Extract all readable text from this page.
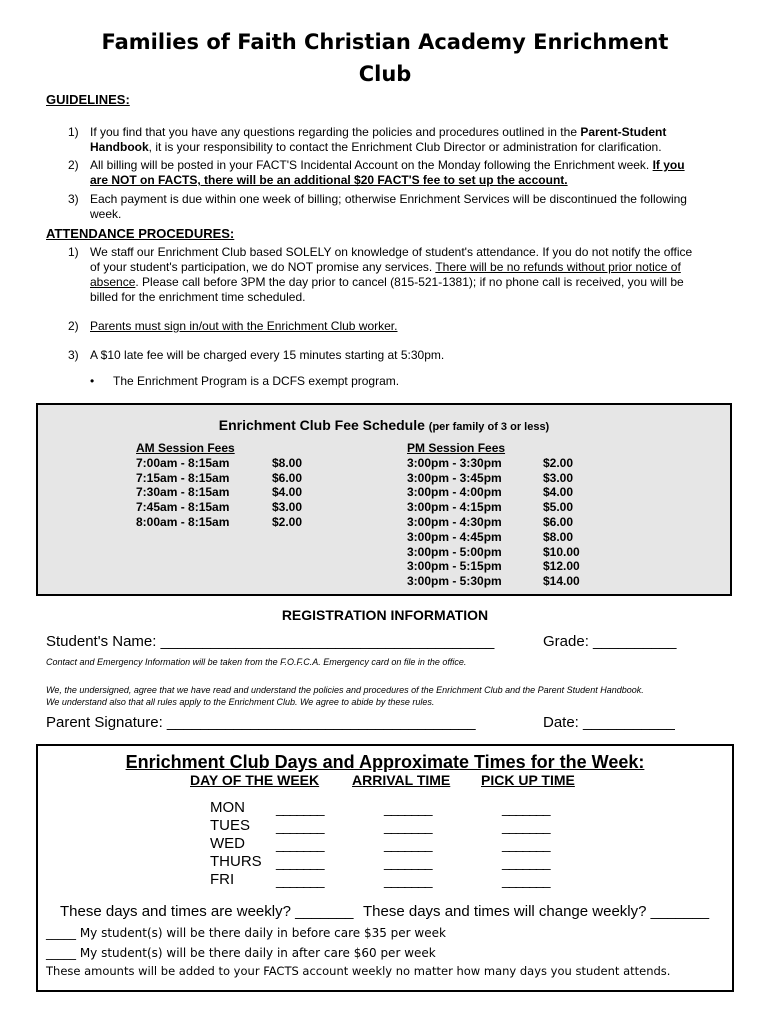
Families of Faith Christian Academy Enrichment
Club
GUIDELINES:
1) If you find that you have any questions regarding the policies and procedures outlined in the Parent-Student
Handbook, it is your responsibility to contact the Enrichment Club Director or administration for clarification.
2) All billing will be posted in your FACT'S Incidental Account on the Monday following the Enrichment week. If you
are NOT on FACTS, there will be an additional $20 FACT'S fee to set up the account.
3) Each payment is due within one week of billing; otherwise Enrichment Services will be discontinued the following
week.
ATTENDANCE PROCEDURES:
1) We staff our Enrichment Club based SOLELY on knowledge of student's attendance. If you do not notify the office
of your student's participation, we do NOT promise any services. There will be no refunds without prior notice of
absence. Please call before 3PM the day prior to cancel (815-521-1381); if no phone call is received, you will be
billed for the enrichment time scheduled.
2) Parents must sign in/out with the Enrichment Club worker.
3) A $10 late fee will be charged every 15 minutes starting at 5:30pm.
• The Enrichment Program is a DCFS exempt program.
Enrichment Club Fee Schedule (per family of 3 or less)
AM Session Fees
7:00am - 8:15am	$8.00
7:15am - 8:15am	$6.00
7:30am - 8:15am	$4.00
7:45am - 8:15am	$3.00
8:00am - 8:15am	$2.00
PM Session Fees
3:00pm - 3:30pm	$2.00
3:00pm - 3:45pm	$3.00
3:00pm - 4:00pm	$4.00
3:00pm - 4:15pm	$5.00
3:00pm - 4:30pm	$6.00
3:00pm - 4:45pm	$8.00
3:00pm - 5:00pm	$10.00
3:00pm - 5:15pm	$12.00
3:00pm - 5:30pm	$14.00
REGISTRATION INFORMATION
Student's Name: ________________________________________	Grade: __________
Contact and Emergency Information will be taken from the F.O.F.C.A. Emergency card on file in the office.
We, the undersigned, agree that we have read and understand the policies and procedures of the Enrichment Club and the Parent Student Handbook.
We understand also that all rules apply to the Enrichment Club. We agree to abide by these rules.
Parent Signature: _____________________________________	Date: ___________
Enrichment Club Days and Approximate Times for the Week:
DAY OF THE WEEK ARRIVAL TIME PICK UP TIME
MON _______	_______	_______
TUES _______	_______	_______
WED _______	_______	_______
THURS _______	_______	_______
FRI	_______	_______	_______
These days and times are weekly? _______ These days and times will change weekly? _______
_____ My student(s) will be there daily in before care $35 per week
_____ My student(s) will be there daily in after care $60 per week
These amounts will be added to your FACTS account weekly no matter how many days you student attends.
